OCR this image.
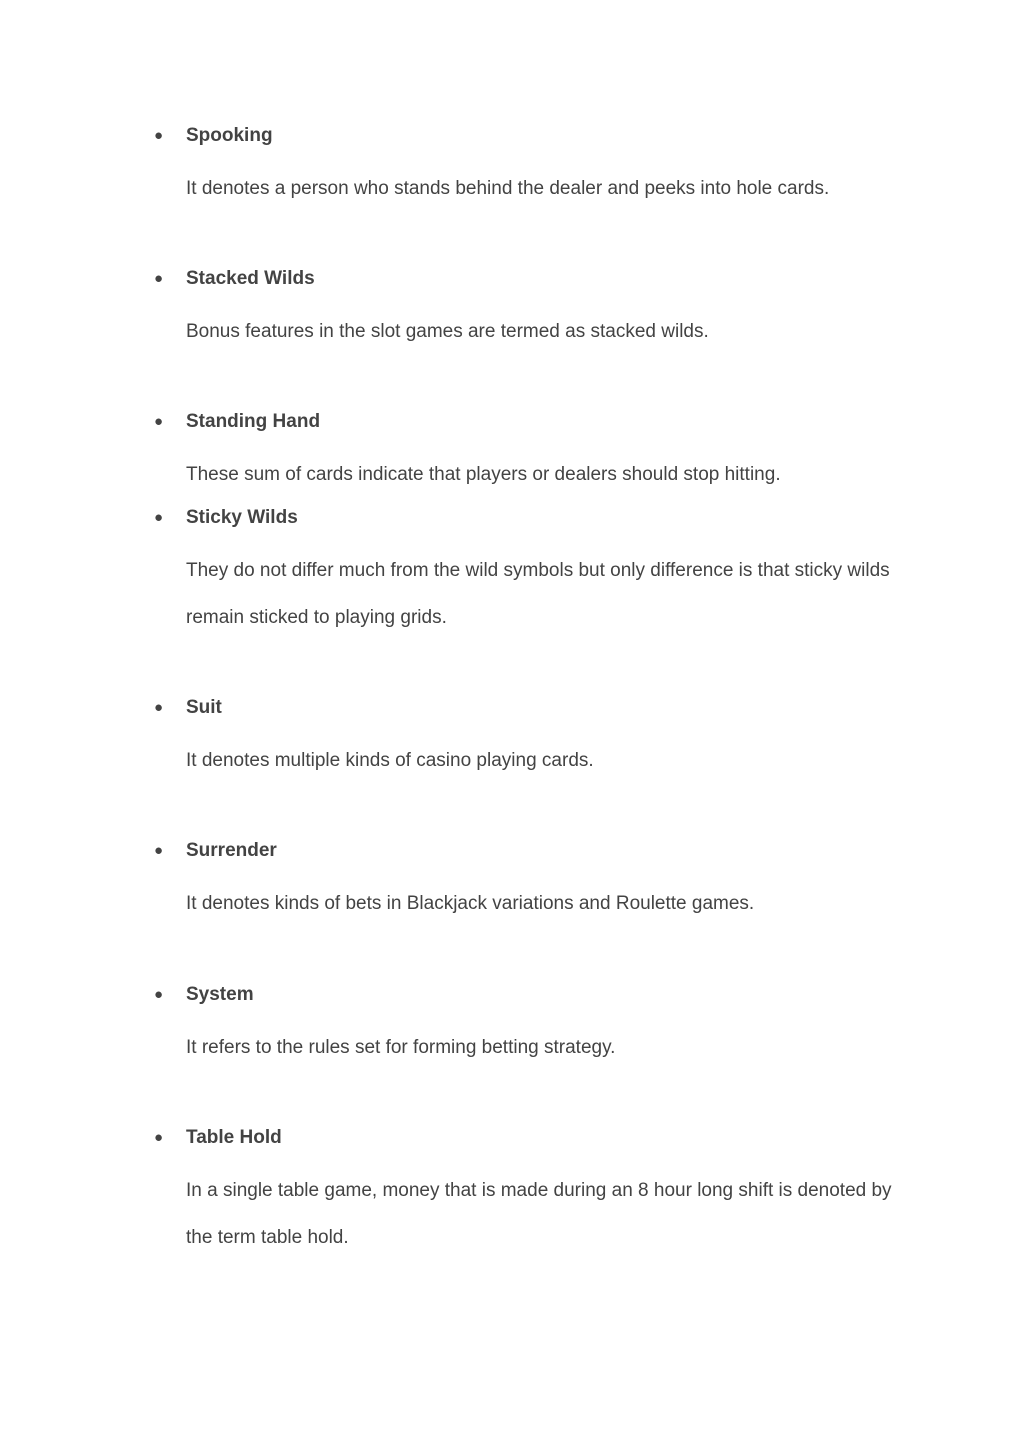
● Spooking

It denotes a person who stands behind the dealer and peeks into hole cards.

● Stacked Wilds

Bonus features in the slot games are termed as stacked wilds.

● Standing Hand

These sum of cards indicate that players or dealers should stop hitting.

● Sticky Wilds

They do not differ much from the wild symbols but only difference is that sticky wilds remain sticked to playing grids.

● Suit

It denotes multiple kinds of casino playing cards.

● Surrender

It denotes kinds of bets in Blackjack variations and Roulette games.

● System

It refers to the rules set for forming betting strategy.

● Table Hold

In a single table game, money that is made during an 8 hour long shift is denoted by the term table hold.
